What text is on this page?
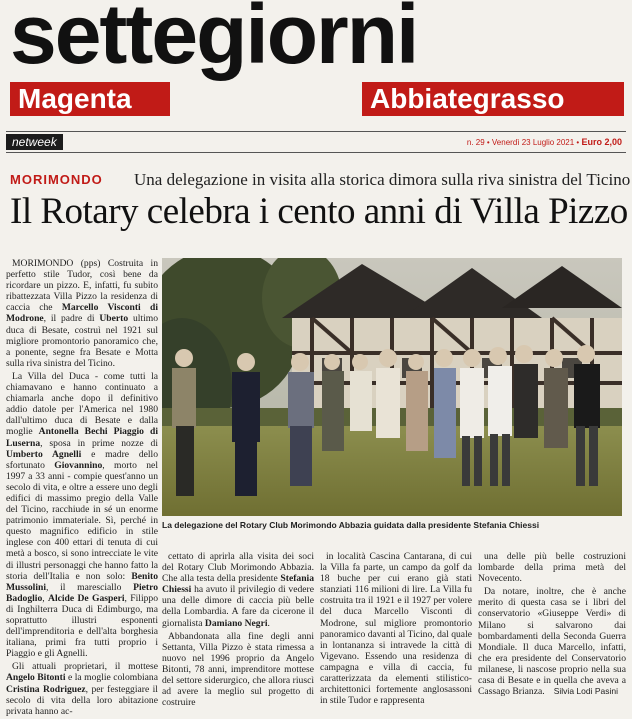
settegiorni
Magenta	Abbiategrasso
netweek	n. 29 • Venerdì 23 Luglio 2021 • Euro 2,00
MORIMONDO Una delegazione in visita alla storica dimora sulla riva sinistra del Ticino
Il Rotary celebra i cento anni di Villa Pizzo

MORIMONDO (pps) Costruita in perfetto stile Tudor, così bene da ricordare un pizzo. E, infatti, fu subito ribattezzata Villa Pizzo la residenza di caccia che Marcello Visconti di Modrone, il padre di Uberto ultimo duca di Besate, costruì nel 1921 sul migliore promontorio panoramico che, a ponente, segne fra Besate e Motta sulla riva sinistra del Ticino.

La Villa del Duca - come tutti la chiamavano e hanno continuato a chiamarla anche dopo il definitivo addio datole per l'America nel 1980 dall'ultimo duca di Besate e dalla moglie Antonella Bechi Piaggio di Luserna, sposa in prime nozze di Umberto Agnelli e madre dello sfortunato Giovannino, morto nel 1997 a 33 anni - compie quest'anno un secolo di vita, e oltre a essere uno degli edifici di massimo pregio della Valle del Ticino, racchiude in sé un enorme patrimonio immateriale. Sì, perché in questo magnifico edificio in stile inglese con 400 ettari di tenuta di cui metà a bosco, si sono intrecciate le vite di illustri personaggi che hanno fatto la storia dell'Italia e non solo: Benito Mussolini, il maresciallo Pietro Badoglio, Alcide De Gasperi, Filippo di Inghilterra Duca di Edimburgo, ma soprattutto illustri esponenti dell'imprenditoria e dell'alta borghesia italiana, primi fra tutti proprio i Piaggio e gli Agnelli.

Gli attuali proprietari, il mottese Angelo Bitonti e la moglie colombiana Cristina Rodriguez, per festeggiare il secolo di vita della loro abitazione privata hanno ac-

La delegazione del Rotary Club Morimondo Abbazia guidata dalla presidente Stefania Chiessi

cettato di aprirla alla visita dei soci del Rotary Club Morimondo Abbazia. Che alla testa della presidente Stefania Chiessi ha avuto il privilegio di vedere una delle dimore di caccia più belle della Lombardia. A fare da cicerone il giornalista Damiano Negri.

Abbandonata alla fine degli anni Settanta, Villa Pizzo è stata rimessa a nuovo nel 1996 proprio da Angelo Bitonti, 78 anni, imprenditore mottese del settore siderurgico, che allora riuscì ad avere la meglio sul progetto di costruire

in località Cascina Cantarana, di cui la Villa fa parte, un campo da golf da 18 buche per cui erano già stati stanziati 116 milioni di lire. La Villa fu costruita tra il 1921 e il 1927 per volere del duca Marcello Visconti di Modrone, sul migliore promontorio panoramico davanti al Ticino, dal quale in lontananza si intravede la città di Vigevano. Essendo una residenza di campagna e villa di caccia, fu caratterizzata da elementi stilistico-architettonici fortemente anglosassoni in stile Tudor e rappresenta

una delle più belle costruzioni lombarde della prima metà del Novecento.

Da notare, inoltre, che è anche merito di questa casa se i libri del conservatorio «Giuseppe Verdi» di Milano si salvarono dai bombardamenti della Seconda Guerra Mondiale. Il duca Marcello, infatti, che era presidente del Conservatorio milanese, li nascose proprio nella sua casa di Besate e in quella che aveva a Cassago Brianza.	Silvia Lodi Pasini
